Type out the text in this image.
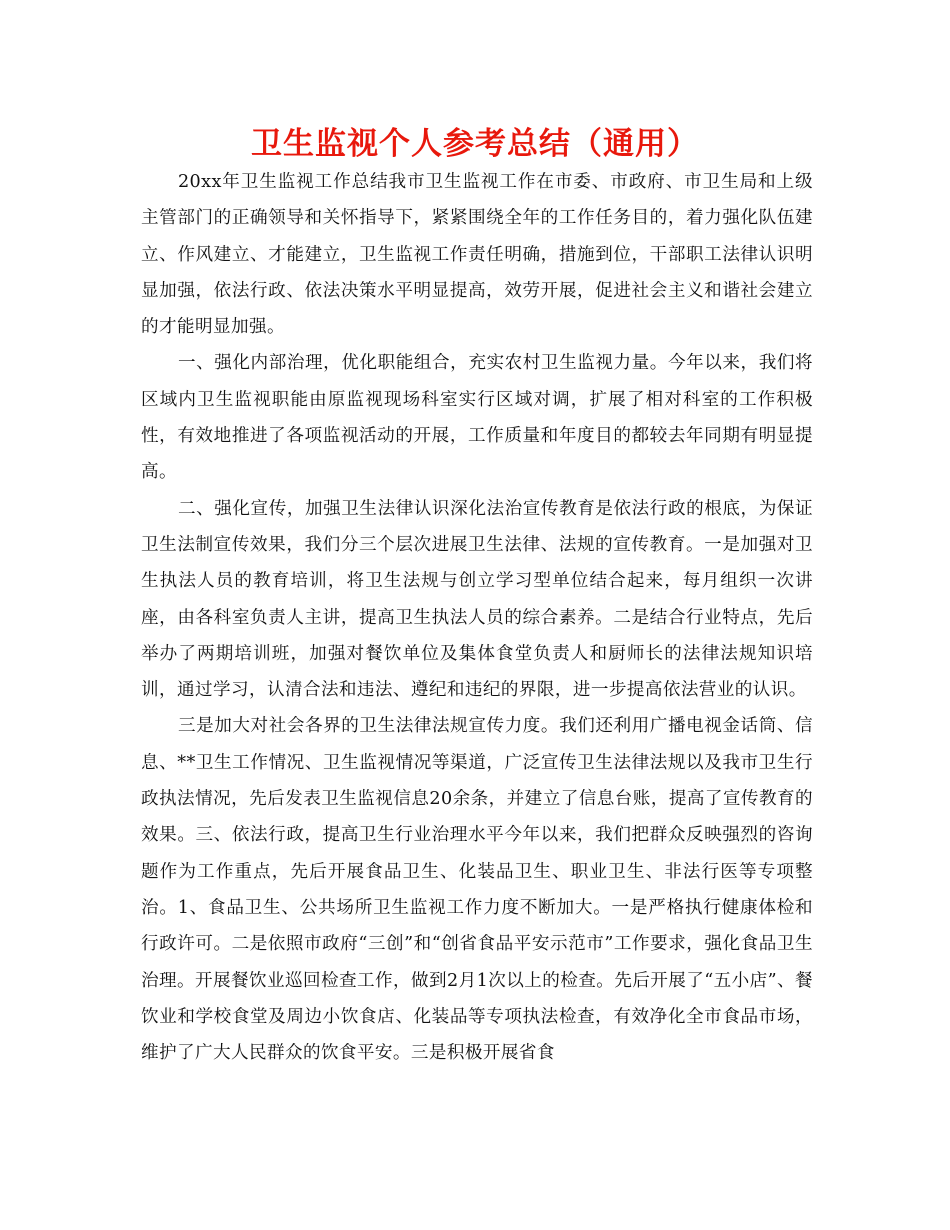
卫生监视个人参考总结（通用）

20xx年卫生监视工作总结我市卫生监视工作在市委、市政府、市卫生局和上级主管部门的正确领导和关怀指导下，紧紧围绕全年的工作任务目的，着力强化队伍建立、作风建立、才能建立，卫生监视工作责任明确，措施到位，干部职工法律认识明显加强，依法行政、依法决策水平明显提高，效劳开展，促进社会主义和谐社会建立的才能明显加强。

一、强化内部治理，优化职能组合，充实农村卫生监视力量。今年以来，我们将区域内卫生监视职能由原监视现场科室实行区域对调，扩展了相对科室的工作积极性，有效地推进了各项监视活动的开展，工作质量和年度目的都较去年同期有明显提高。

二、强化宣传，加强卫生法律认识深化法治宣传教育是依法行政的根底，为保证卫生法制宣传效果，我们分三个层次进展卫生法律、法规的宣传教育。一是加强对卫生执法人员的教育培训，将卫生法规与创立学习型单位结合起来，每月组织一次讲座，由各科室负责人主讲，提高卫生执法人员的综合素养。二是结合行业特点，先后举办了两期培训班，加强对餐饮单位及集体食堂负责人和厨师长的法律法规知识培训，通过学习，认清合法和违法、遵纪和违纪的界限，进一步提高依法营业的认识。

三是加大对社会各界的卫生法律法规宣传力度。我们还利用广播电视金话筒、信息、**卫生工作情况、卫生监视情况等渠道，广泛宣传卫生法律法规以及我市卫生行政执法情况，先后发表卫生监视信息20余条，并建立了信息台账，提高了宣传教育的效果。三、依法行政，提高卫生行业治理水平今年以来，我们把群众反映强烈的咨询题作为工作重点，先后开展食品卫生、化装品卫生、职业卫生、非法行医等专项整治。1、食品卫生、公共场所卫生监视工作力度不断加大。一是严格执行健康体检和行政许可。二是依照市政府“三创”和“创省食品平安示范市”工作要求，强化食品卫生治理。开展餐饮业巡回检查工作，做到2月1次以上的检查。先后开展了“五小店”、餐饮业和学校食堂及周边小饮食店、化装品等专项执法检查，有效净化全市食品市场，维护了广大人民群众的饮食平安。三是积极开展省食
